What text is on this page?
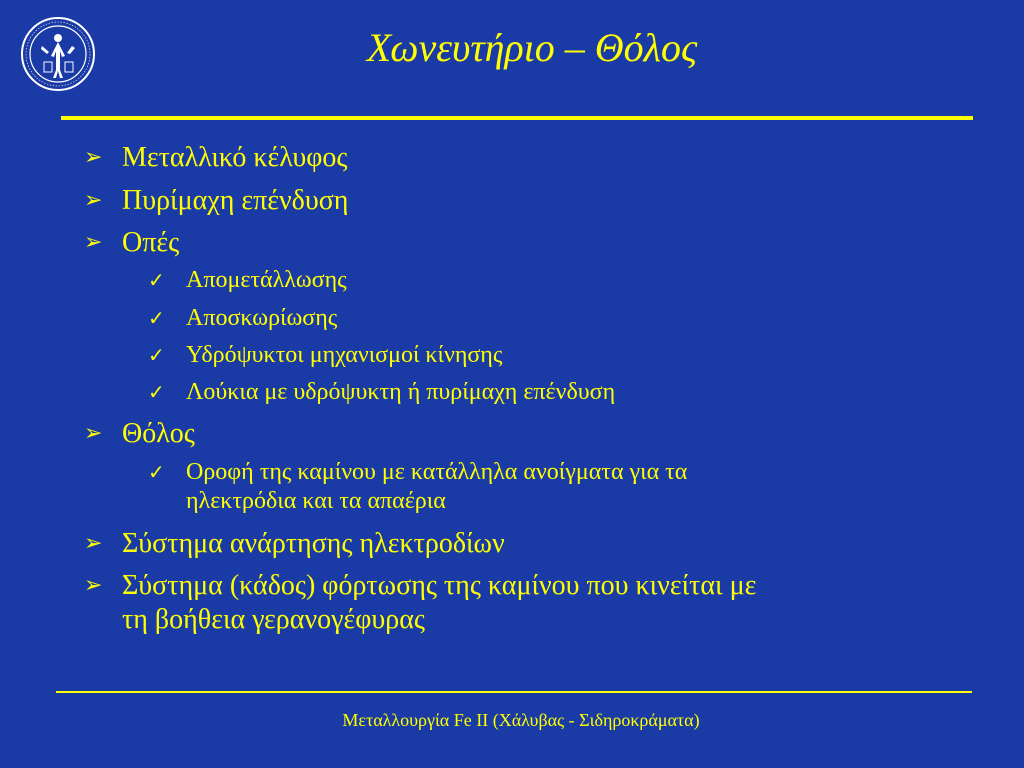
Χωνευτήριο – Θόλος
➢ Μεταλλικό κέλυφος
➢ Πυρίμαχη επένδυση
➢ Οπές
✓ Απομετάλλωσης
✓ Αποσκωρίωσης
✓ Υδρόψυκτοι μηχανισμοί κίνησης
✓ Λούκια με υδρόψυκτη ή πυρίμαχη επένδυση
➢ Θόλος
✓ Οροφή της καμίνου με κατάλληλα ανοίγματα για τα
ηλεκτρόδια και τα απαέρια
➢ Σύστημα ανάρτησης ηλεκτροδίων
➢ Σύστημα (κάδος) φόρτωσης της καμίνου που κινείται με
τη βοήθεια γερανογέφυρας
Μεταλλουργία Fe II (Χάλυβας - Σιδηροκράματα)
